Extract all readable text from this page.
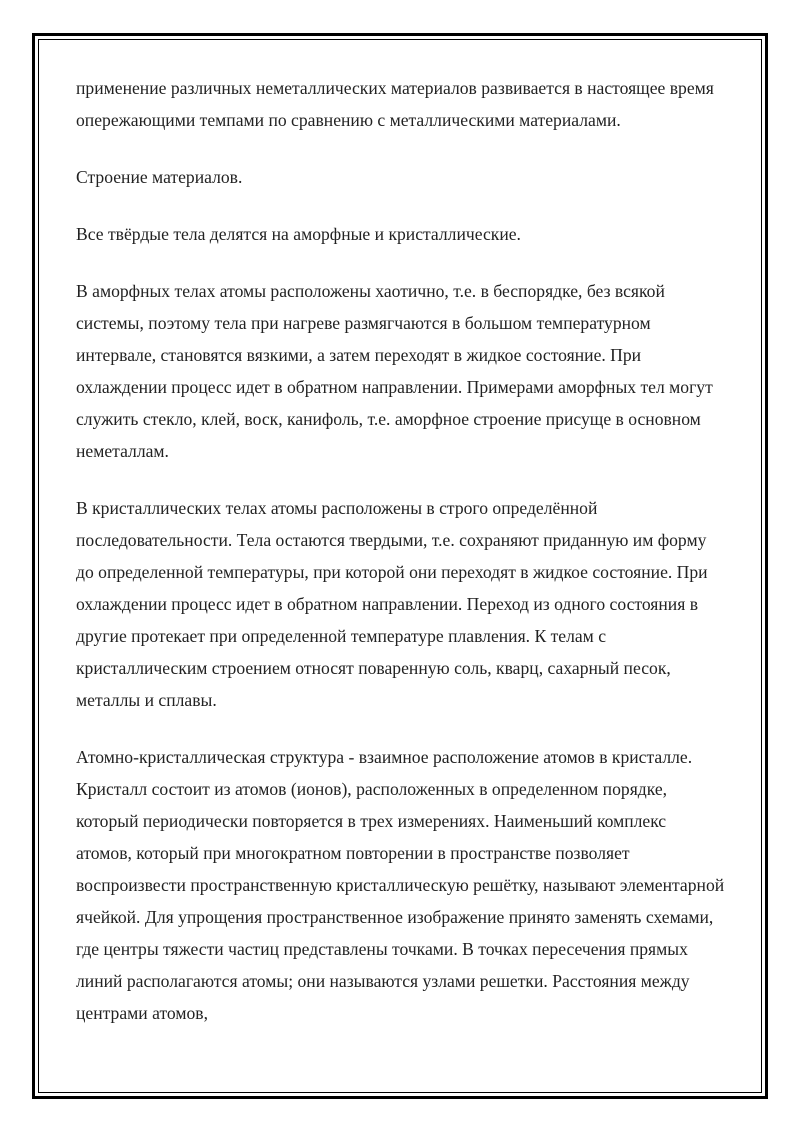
применение различных неметаллических материалов развивается в настоящее время опережающими темпами по сравнению с металлическими материалами.

Строение материалов.

Все твёрдые тела делятся на аморфные и кристаллические.

В аморфных телах атомы расположены хаотично, т.е. в беспорядке, без всякой системы, поэтому тела при нагреве размягчаются в большом температурном интервале, становятся вязкими, а затем переходят в жидкое состояние. При охлаждении процесс идет в обратном направлении. Примерами аморфных тел могут служить стекло, клей, воск, канифоль, т.е. аморфное строение присуще в основном неметаллам.

В кристаллических телах атомы расположены в строго определённой последовательности. Тела остаются твердыми, т.е. сохраняют приданную им форму до определенной температуры, при которой они переходят в жидкое состояние. При охлаждении процесс идет в обратном направлении. Переход из одного состояния в другие протекает при определенной температуре плавления. К телам с кристаллическим строением относят поваренную соль, кварц, сахарный песок, металлы и сплавы.

Атомно-кристаллическая структура - взаимное расположение атомов в кристалле. Кристалл состоит из атомов (ионов), расположенных в определенном порядке, который периодически повторяется в трех измерениях. Наименьший комплекс атомов, который при многократном повторении в пространстве позволяет воспроизвести пространственную кристаллическую решётку, называют элементарной ячейкой. Для упрощения пространственное изображение принято заменять схемами, где центры тяжести частиц представлены точками. В точках пересечения прямых линий располагаются атомы; они называются узлами решетки. Расстояния между центрами атомов,
